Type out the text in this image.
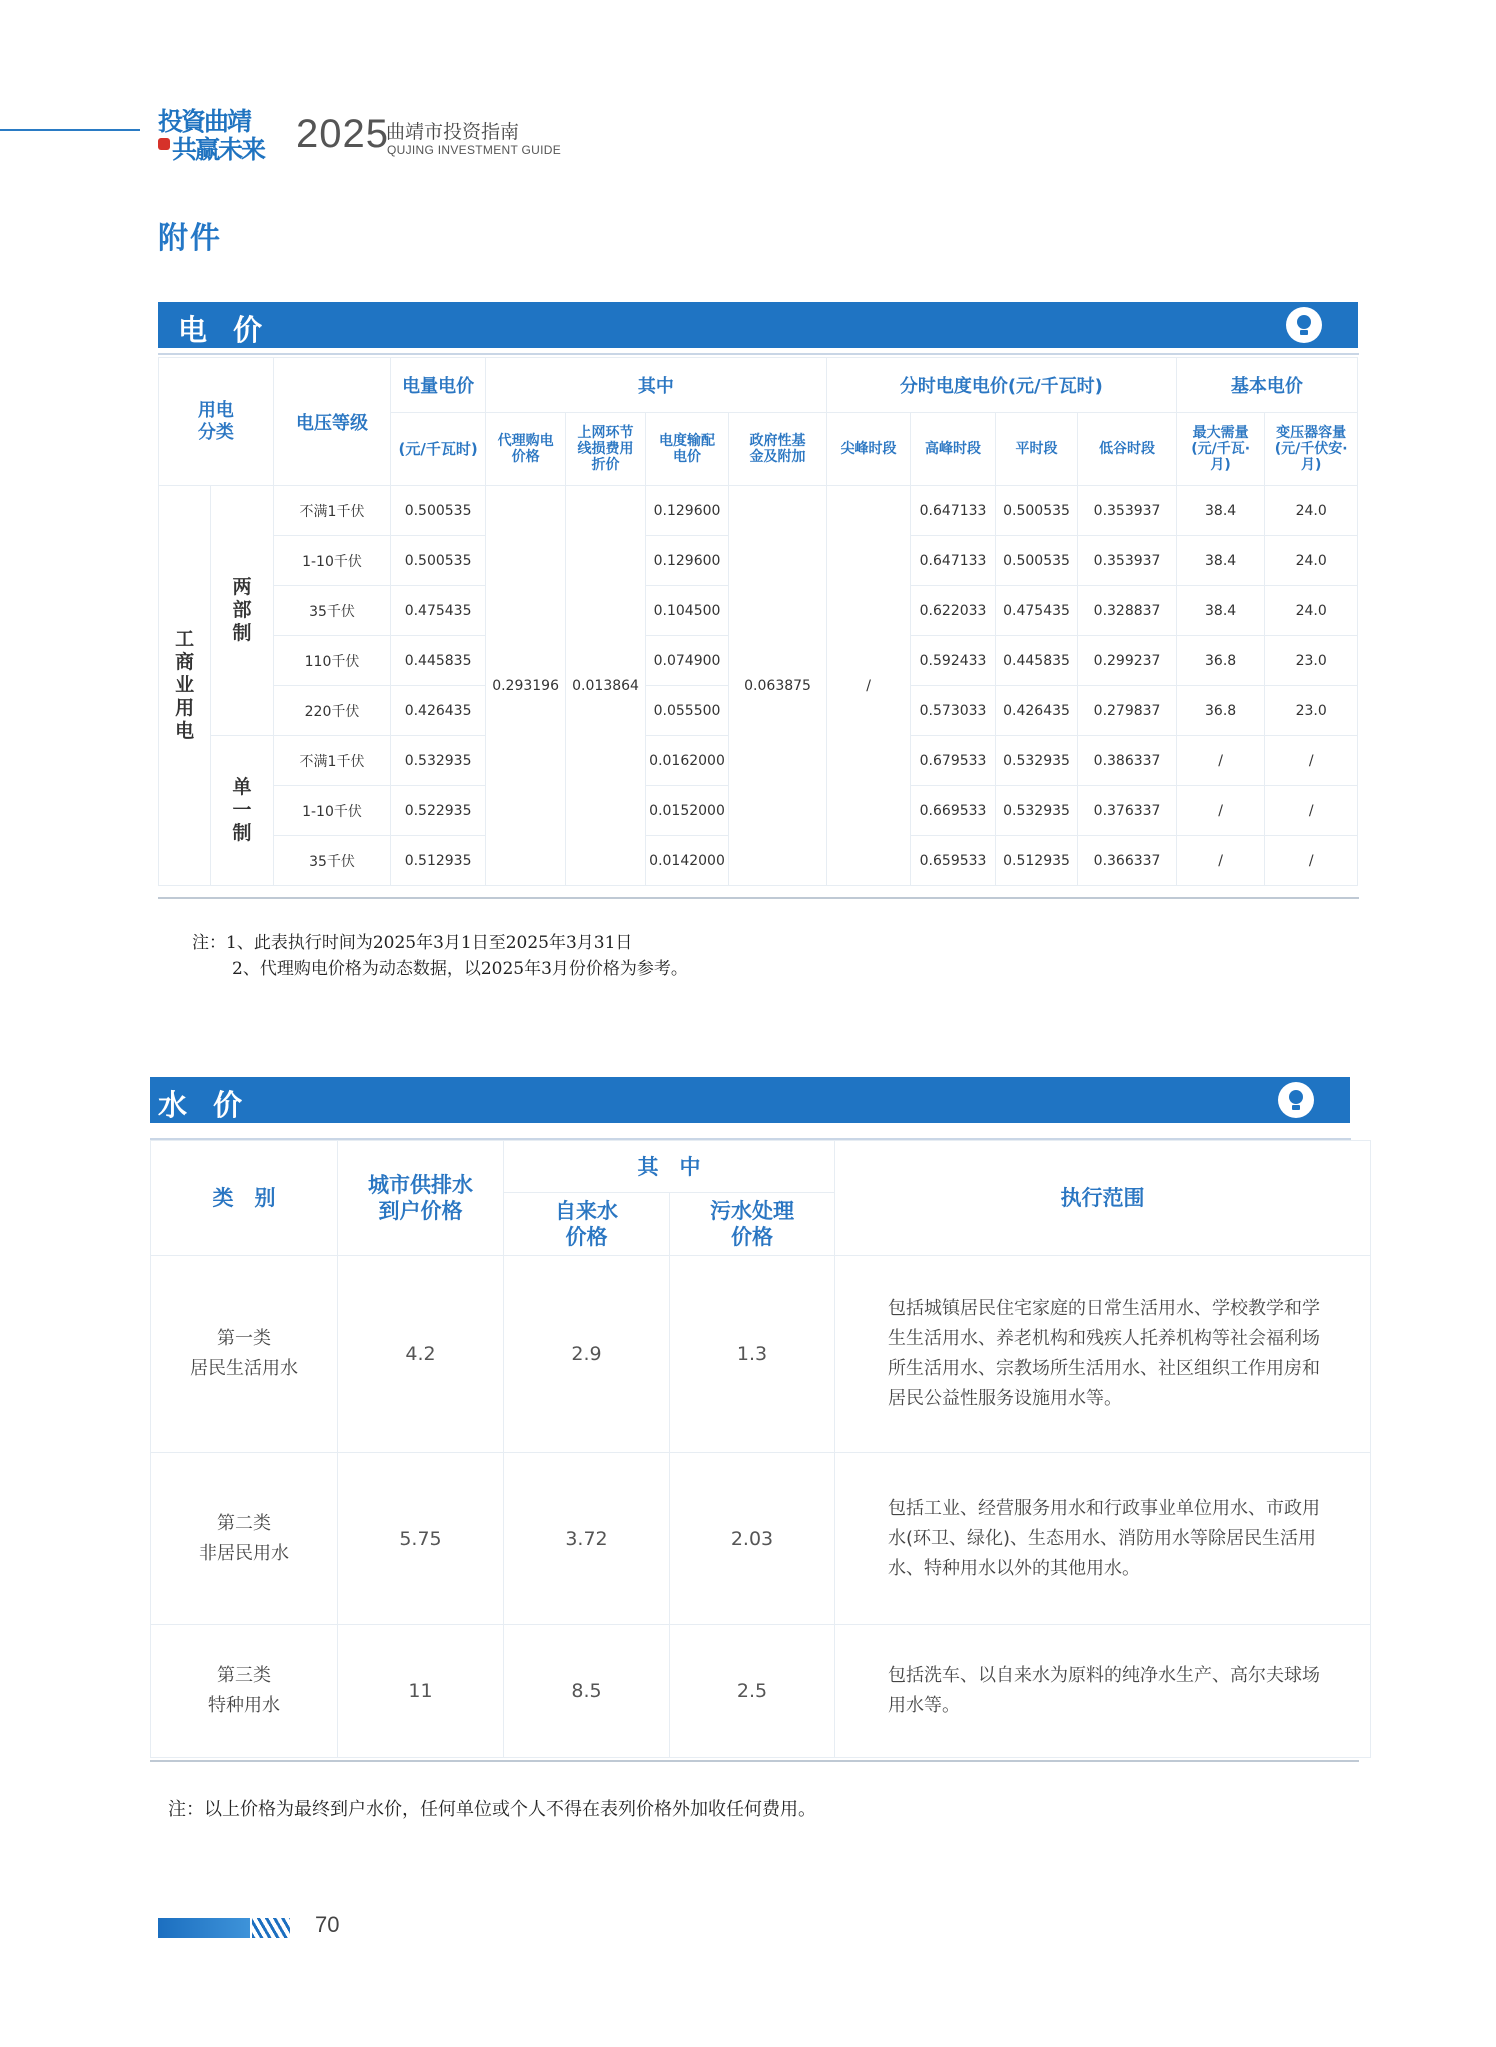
投資曲靖
共赢未来 2025
曲靖市投资指南
QUJING INVESTMENT GUIDE
附件
电价
用电分类		电压等级	电量电价	其中				分时电度电价(元/千瓦时)				基本电价	
			(元/千瓦时)	代理购电价格	上网环节线损费用折价	电度输配电价	政府性基金及附加	尖峰时段	高峰时段	平时段	低谷时段	最大需量(元/千瓦·月)	变压器容量(元/千伏安·月)
工商业用电	两部制	不满1千伏	0.500535	0.293196	0.013864	0.129600	0.063875	/	0.647133	0.500535	0.353937	38.4	24.0
		1-10千伏	0.500535			0.129600			0.647133	0.500535	0.353937	38.4	24.0
		35千伏	0.475435			0.104500			0.622033	0.475435	0.328837	38.4	24.0
		110千伏	0.445835			0.074900			0.592433	0.445835	0.299237	36.8	23.0
		220千伏	0.426435			0.055500			0.573033	0.426435	0.279837	36.8	23.0
	单一制	不满1千伏	0.532935			0.0162000			0.679533	0.532935	0.386337	/	/
		1-10千伏	0.522935			0.0152000			0.669533	0.532935	0.376337	/	/
		35千伏	0.512935			0.0142000			0.659533	0.512935	0.366337	/	/
注：1、此表执行时间为2025年3月1日至2025年3月31日
2、代理购电价格为动态数据，以2025年3月份价格为参考。
水价
类　别	城市供排水到户价格	其　中		执行范围
		自来水价格	污水处理价格	

第一类
居民生活用水	4.2	2.9	1.3	包括城镇居民住宅家庭的日常生活用水、学校教学和学生生活用水、养老机构和残疾人托养机构等社会福利场所生活用水、宗教场所生活用水、社区组织工作用房和居民公益性服务设施用水等。

第二类
非居民用水	5.75	3.72	2.03	包括工业、经营服务用水和行政事业单位用水、市政用水(环卫、绿化)、生态用水、消防用水等除居民生活用水、特种用水以外的其他用水。

第三类
特种用水	11	8.5	2.5	包括洗车、以自来水为原料的纯净水生产、高尔夫球场用水等。
注：以上价格为最终到户水价，任何单位或个人不得在表列价格外加收任何费用。
70
